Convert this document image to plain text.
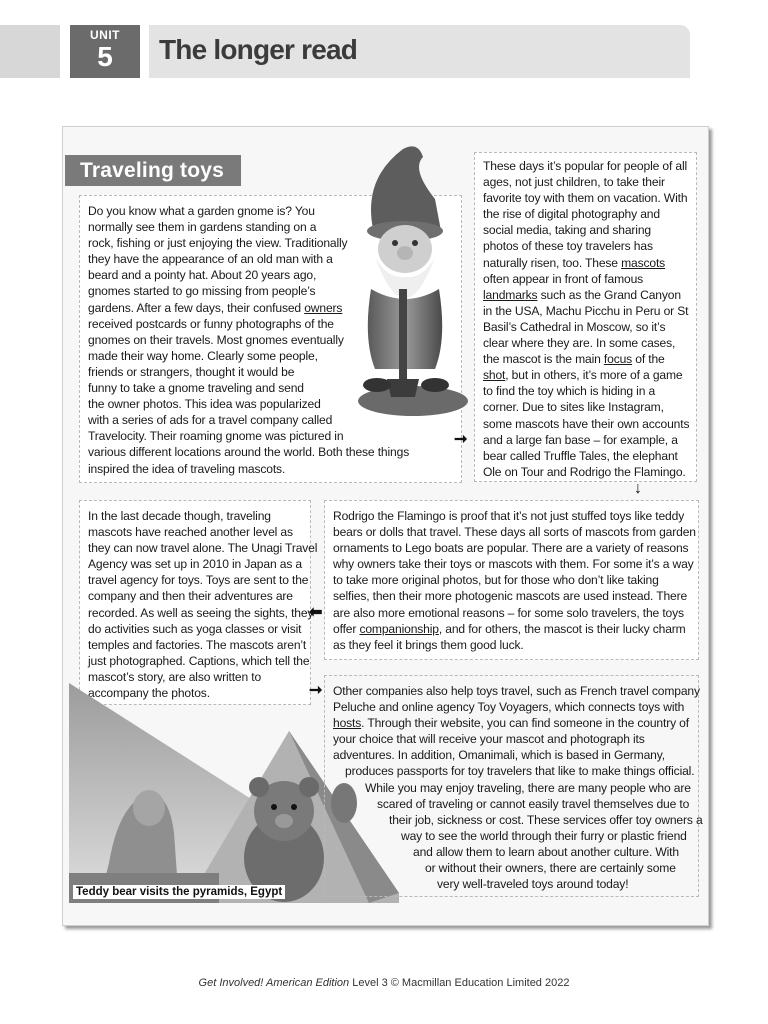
UNIT
5	The longer read

Do you know what a garden gnome is? You

normally see them in gardens standing on a

rock, fishing or just enjoying the view. Traditionally

they have the appearance of an old man with a

beard and a pointy hat. About 20 years ago,

gnomes started to go missing from people’s

gardens. After a few days, their confused owners

received postcards or funny photographs of the

gnomes on their travels. Most gnomes eventually

made their way home. Clearly some people,

friends or strangers, thought it would be

funny to take a gnome traveling and send

the owner photos. This idea was popularized

with a series of ads for a travel company called

Travelocity. Their roaming gnome was pictured in

various different locations around the world. Both these things

inspired the idea of traveling mascots.

Traveling toys	These days it’s popular for people of all

ages, not just children, to take their

favorite toy with them on vacation. With

the rise of digital photography and

social media, taking and sharing

photos of these toy travelers has

naturally risen, too. These mascots

often appear in front of famous

landmarks such as the Grand Canyon

in the USA, Machu Picchu in Peru or St

Basil’s Cathedral in Moscow, so it’s

clear where they are. In some cases,

the mascot is the main focus of the

shot, but in others, it’s more of a game

to find the toy which is hiding in a

corner. Due to sites like Instagram,

some mascots have their own accounts

and a large fan base – for example, a

bear called Truffle Tales, the elephant

Ole on Tour and Rodrigo the Flamingo.

In the last decade though, traveling

mascots have reached another level as

they can now travel alone. The Unagi Travel

Agency was set up in 2010 in Japan as a

travel agency for toys. Toys are sent to the

company and then their adventures are

recorded. As well as seeing the sights, they

do activities such as yoga classes or visit

temples and factories. The mascots aren’t

just photographed. Captions, which tell the

mascot’s story, are also written to

accompany the photos.

Rodrigo the Flamingo is proof that it’s not just stuffed toys like teddy

bears or dolls that travel. These days all sorts of mascots from garden

ornaments to Lego boats are popular. There are a variety of reasons

why owners take their toys or mascots with them. For some it’s a way

to take more original photos, but for those who don’t like taking

selfies, then their more photogenic mascots are used instead. There

are also more emotional reasons – for some solo travelers, the toys

offer companionship, and for others, the mascot is their lucky charm

as they feel it brings them good luck.

Other companies also help toys travel, such as French travel company

Peluche and online agency Toy Voyagers, which connects toys with

hosts. Through their website, you can find someone in the country of

your choice that will receive your mascot and photograph its

adventures. In addition, Omanimali, which is based in Germany,

produces passports for toy travelers that like to make things official.

While you may enjoy traveling, there are many people who are

scared of traveling or cannot easily travel themselves due to

their job, sickness or cost. These services offer toy owners a

way to see the world through their furry or plastic friend

and allow them to learn about another culture. With

or without their owners, there are certainly some

very well-traveled toys around today!

Teddy bear visits the pyramids, Egypt
➞
↓
⬅
➞
Get Involved! American Edition Level 3 © Macmillan Education Limited 2022
